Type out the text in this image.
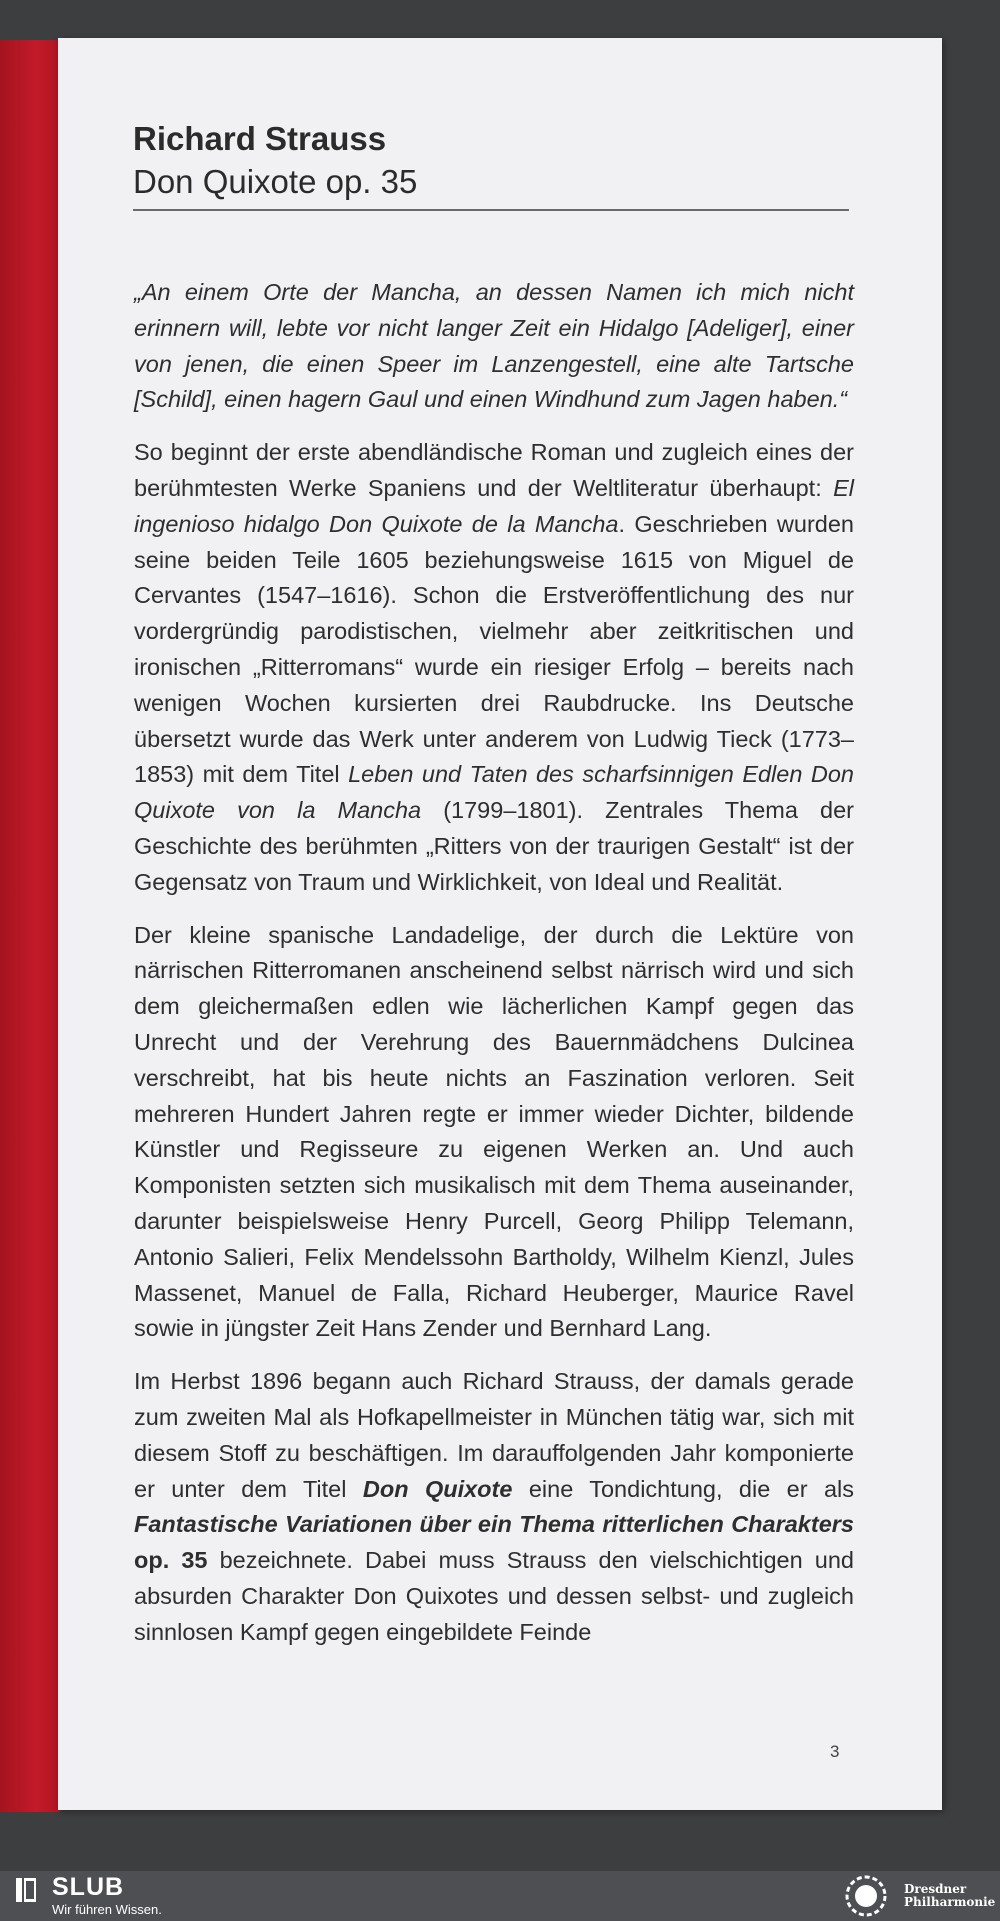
Richard Strauss
Don Quixote op. 35

„An einem Orte der Mancha, an dessen Namen ich mich nicht erinnern will, lebte vor nicht langer Zeit ein Hidalgo [Adeliger], einer von jenen, die einen Speer im Lanzengestell, eine alte Tartsche [Schild], einen hagern Gaul und einen Windhund zum Jagen haben.“

So beginnt der erste abendländische Roman und zugleich eines der berühmtesten Werke Spaniens und der Weltliteratur überhaupt: El ingenioso hidalgo Don Quixote de la Mancha. Geschrieben wurden seine beiden Teile 1605 beziehungsweise 1615 von Miguel de Cervantes (1547–1616). Schon die Erstveröffentlichung des nur vordergründig parodistischen, vielmehr aber zeitkritischen und ironischen „Ritterromans“ wurde ein riesiger Erfolg – bereits nach wenigen Wochen kursierten drei Raubdrucke. Ins Deutsche übersetzt wurde das Werk unter anderem von Ludwig Tieck (1773–1853) mit dem Titel Leben und Taten des scharfsinnigen Edlen Don Quixote von la Mancha (1799–1801). Zentrales Thema der Geschichte des berühmten „Ritters von der traurigen Gestalt“ ist der Gegensatz von Traum und Wirklichkeit, von Ideal und Realität.

Der kleine spanische Landadelige, der durch die Lektüre von närrischen Ritterromanen anscheinend selbst närrisch wird und sich dem gleichermaßen edlen wie lächerlichen Kampf gegen das Unrecht und der Verehrung des Bauernmädchens Dulcinea verschreibt, hat bis heute nichts an Faszination verloren. Seit mehreren Hundert Jahren regte er immer wieder Dichter, bildende Künstler und Regisseure zu eigenen Werken an. Und auch Komponisten setzten sich musikalisch mit dem Thema auseinander, darunter beispielsweise Henry Purcell, Georg Philipp Telemann, Antonio Salieri, Felix Mendelssohn Bartholdy, Wilhelm Kienzl, Jules Massenet, Manuel de Falla, Richard Heuberger, Maurice Ravel sowie in jüngster Zeit Hans Zender und Bernhard Lang.

Im Herbst 1896 begann auch Richard Strauss, der damals gerade zum zweiten Mal als Hofkapellmeister in München tätig war, sich mit diesem Stoff zu beschäftigen. Im darauffolgenden Jahr komponierte er unter dem Titel Don Quixote eine Tondichtung, die er als Fantastische Variationen über ein Thema ritterlichen Charakters op. 35 bezeichnete. Dabei muss Strauss den vielschichtigen und absurden Charakter Don Quixotes und dessen selbst- und zugleich sinnlosen Kampf gegen eingebildete Feinde

3
SLUB
Wir führen Wissen.
Dresdner
Philharmonie
